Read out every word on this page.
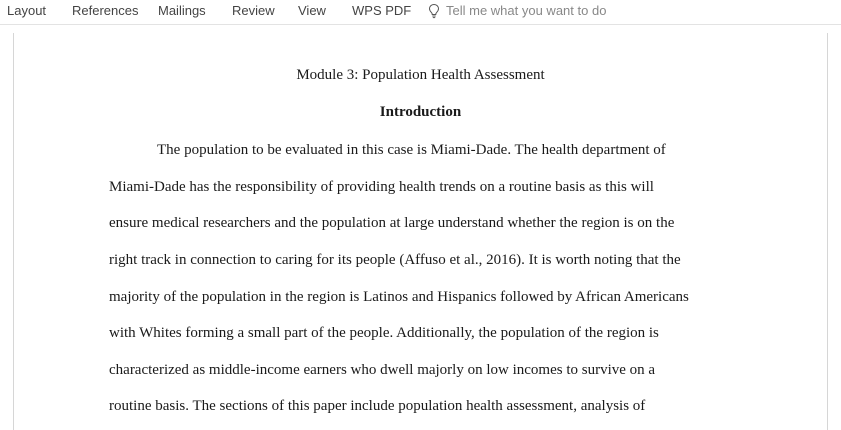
Layout References Mailings Review View WPS PDF	Tell me what you want to do
Module 3: Population Health Assessment
Introduction
The population to be evaluated in this case is Miami-Dade. The health department of
Miami-Dade has the responsibility of providing health trends on a routine basis as this will
ensure medical researchers and the population at large understand whether the region is on the
right track in connection to caring for its people (Affuso et al., 2016). It is worth noting that the
majority of the population in the region is Latinos and Hispanics followed by African Americans
with Whites forming a small part of the people. Additionally, the population of the region is
characterized as middle-income earners who dwell majorly on low incomes to survive on a
routine basis. The sections of this paper include population health assessment, analysis of
